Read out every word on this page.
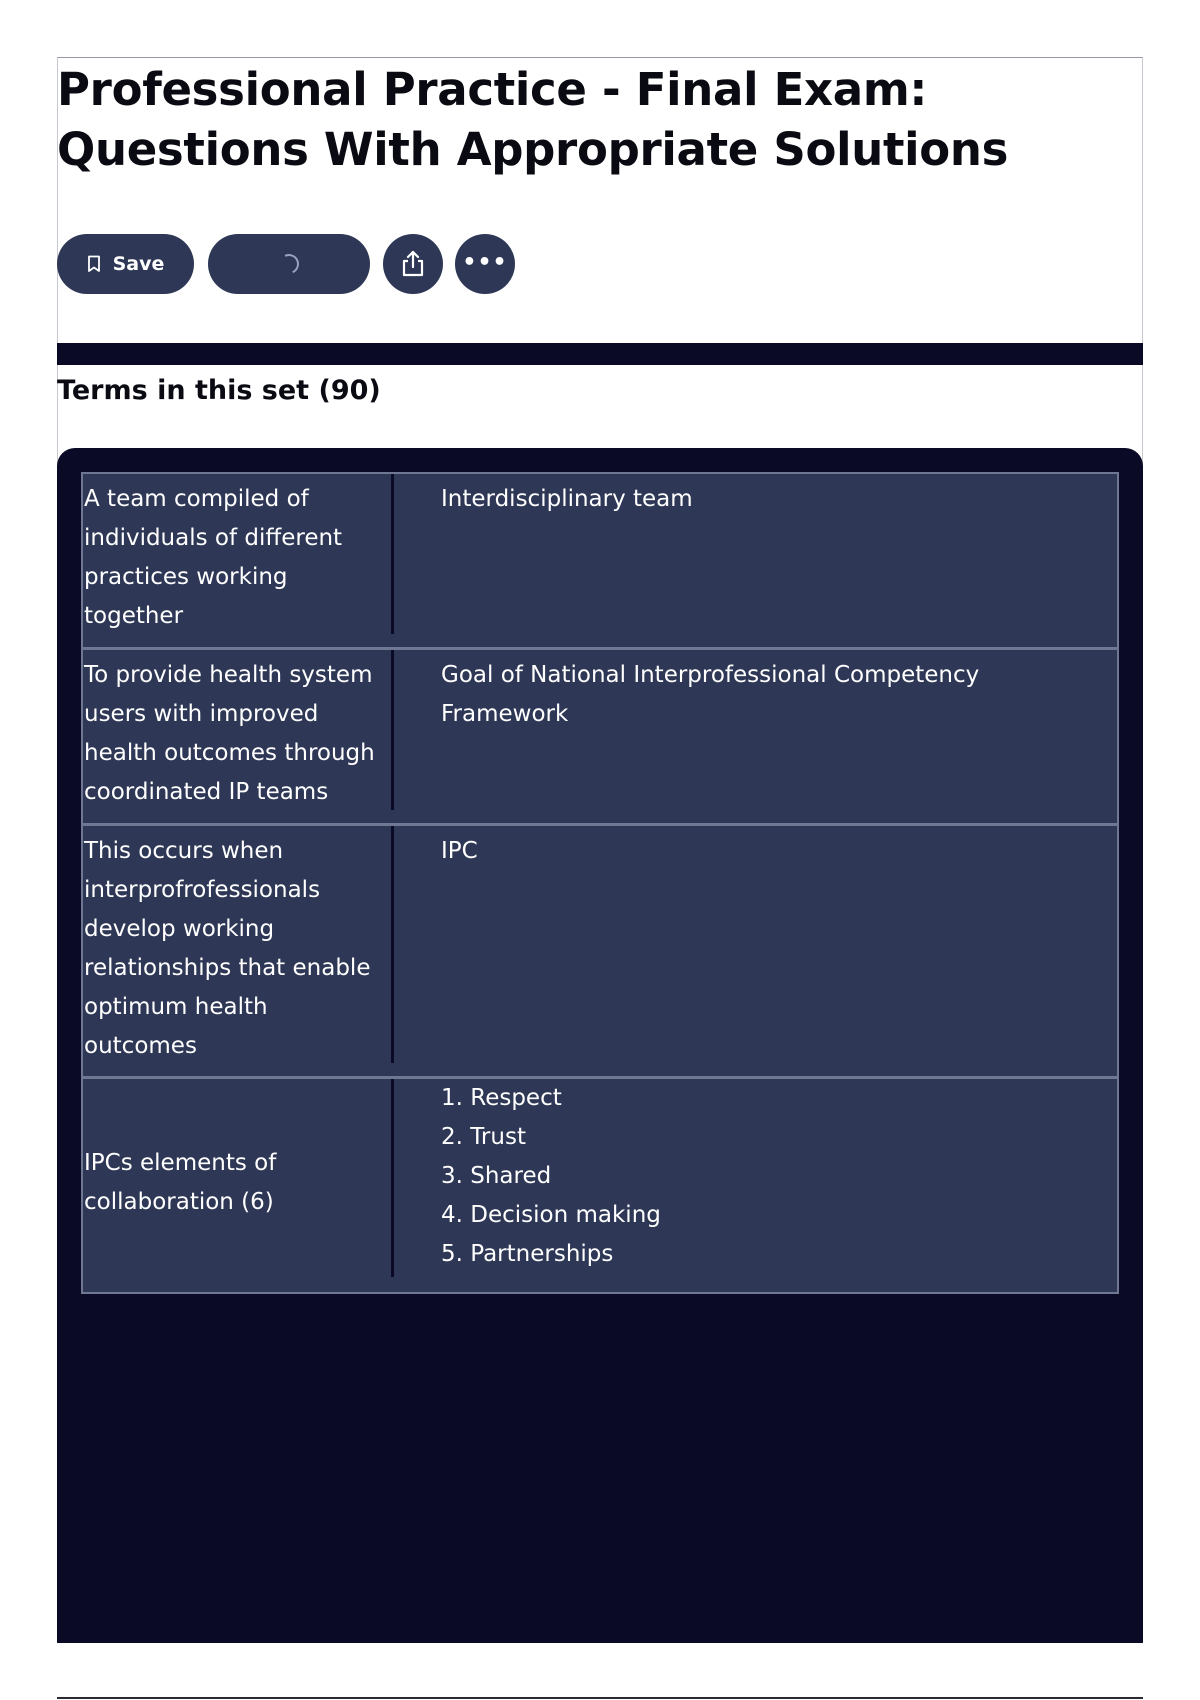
Professional Practice - Final Exam: Questions With Appropriate Solutions
Save	•••
Terms in this set (90)
A team compiled of individuals of different practices working together
Interdisciplinary team
To provide health system users with improved health outcomes through coordinated IP teams
Goal of National Interprofessional Competency Framework
This occurs when interprofrofessionals develop working relationships that enable optimum health outcomes
IPC
IPCs elements of collaboration (6)
1. Respect
2. Trust
3. Shared
4. Decision making
5. Partnerships
